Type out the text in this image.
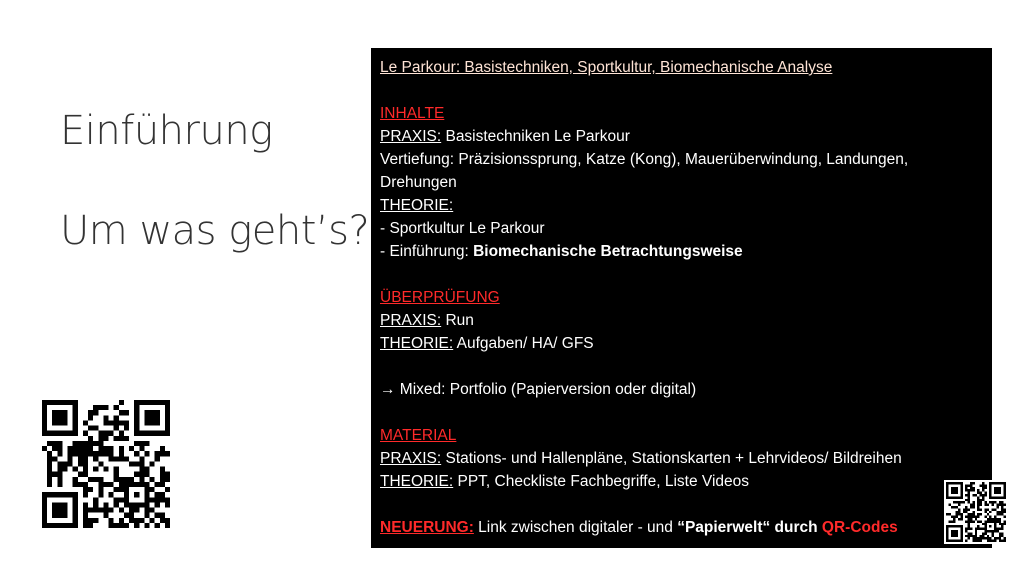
Einführung
Um was geht’s?
Le Parkour: Basistechniken, Sportkultur, Biomechanische Analyse
INHALTE
PRAXIS: Basistechniken Le Parkour
Vertiefung: Präzisionssprung, Katze (Kong), Mauerüberwindung, Landungen, Drehungen
THEORIE:
- Sportkultur Le Parkour
- Einführung: Biomechanische Betrachtungsweise
ÜBERPRÜFUNG
PRAXIS: Run
THEORIE: Aufgaben/ HA/ GFS
→ Mixed: Portfolio (Papierversion oder digital)
MATERIAL
PRAXIS: Stations- und Hallenpläne, Stationskarten + Lehrvideos/ Bildreihen
THEORIE: PPT, Checkliste Fachbegriffe, Liste Videos
NEUERUNG: Link zwischen digitaler - und “Papierwelt“ durch QR-Codes
